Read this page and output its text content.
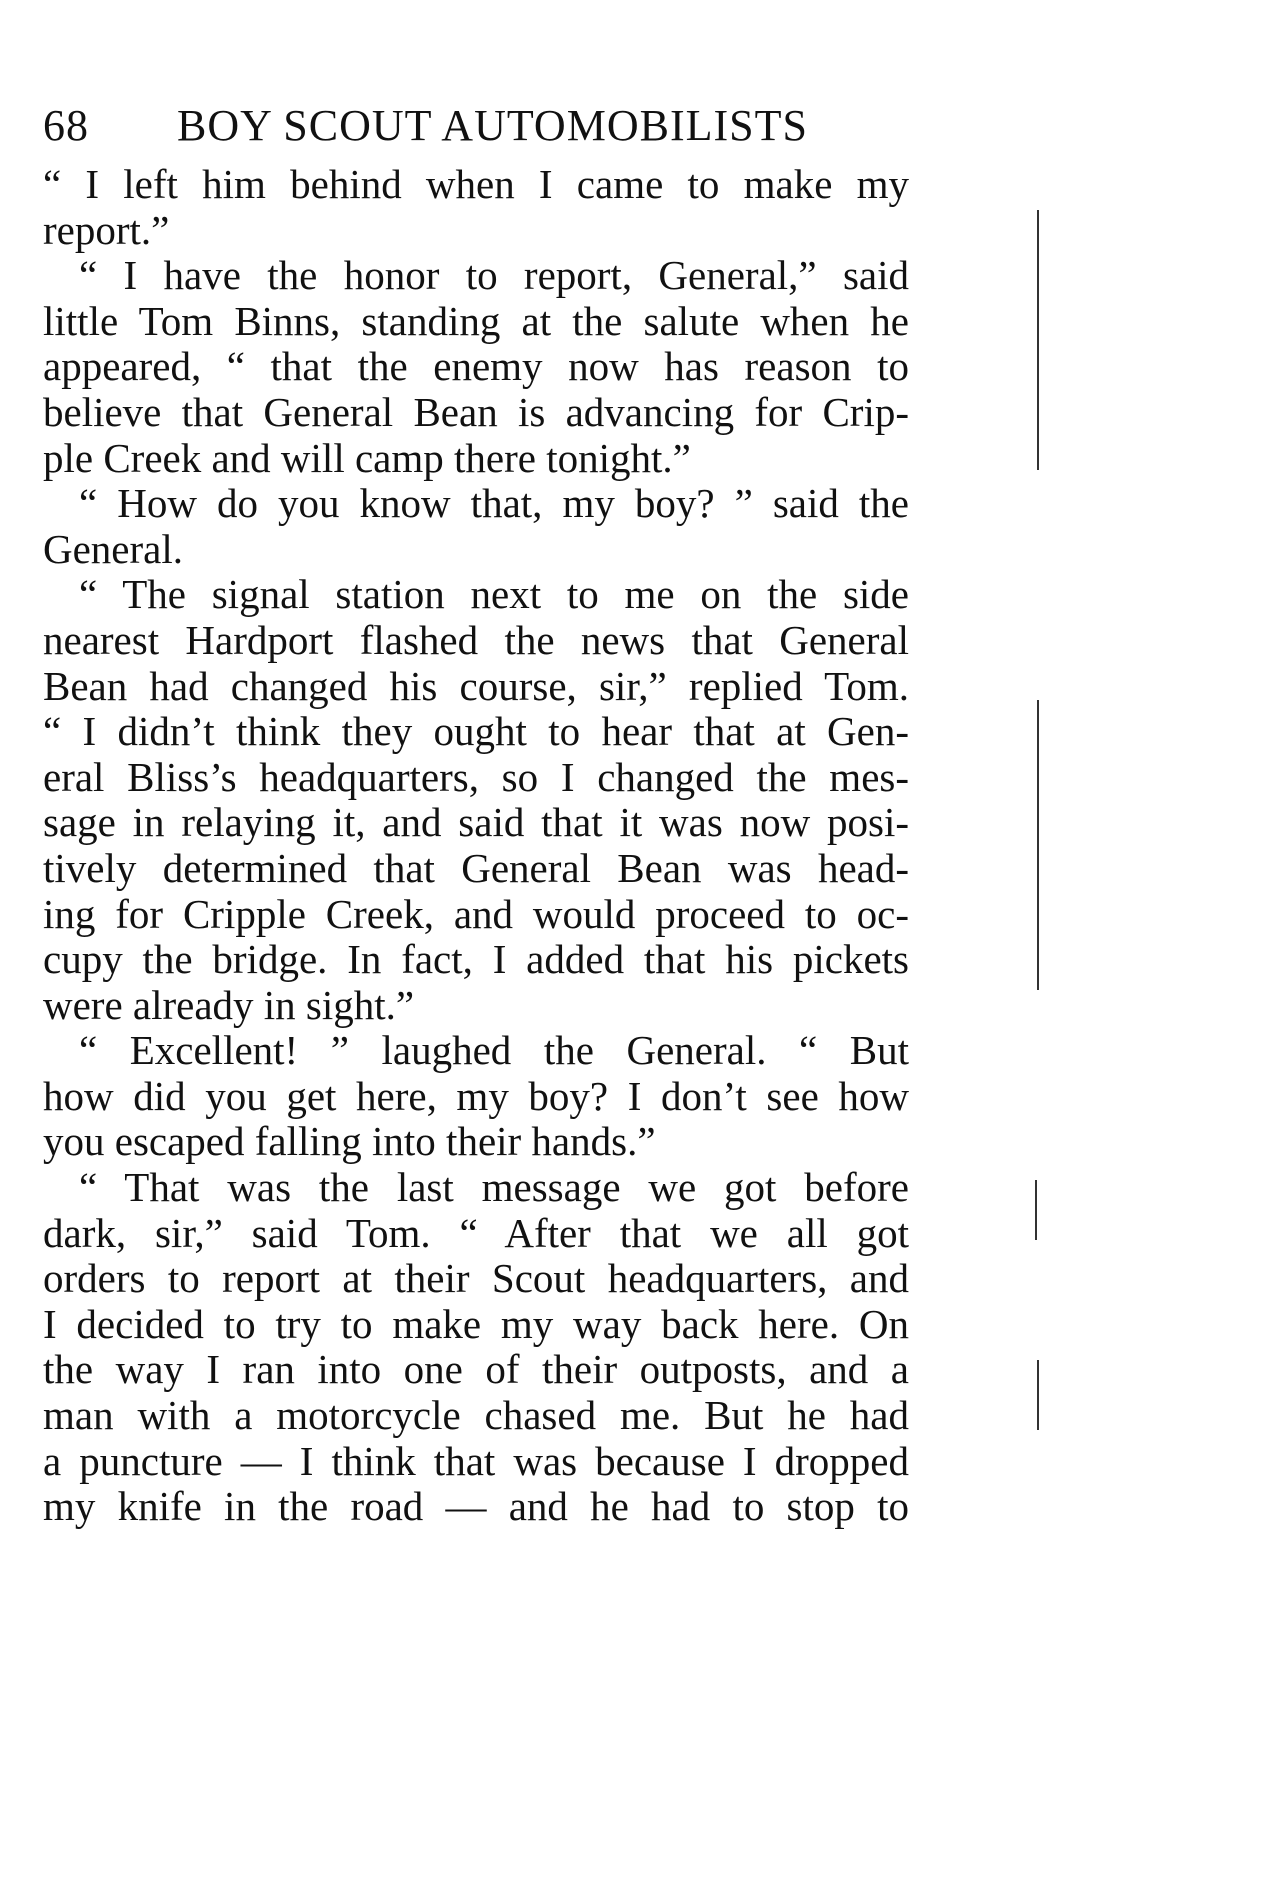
68 BOY SCOUT AUTOMOBILISTS
“ I left him behind when I came to make my
report.”
“ I have the honor to report, General,” said
little Tom Binns, standing at the salute when he
appeared, “ that the enemy now has reason to
believe that General Bean is advancing for Crip-
ple Creek and will camp there tonight.”
“ How do you know that, my boy? ” said the
General.
“ The signal station next to me on the side
nearest Hardport flashed the news that General
Bean had changed his course, sir,” replied Tom.
“ I didn’t think they ought to hear that at Gen-
eral Bliss’s headquarters, so I changed the mes-
sage in relaying it, and said that it was now posi-
tively determined that General Bean was head-
ing for Cripple Creek, and would proceed to oc-
cupy the bridge. In fact, I added that his pickets
were already in sight.”
“ Excellent! ” laughed the General. “ But
how did you get here, my boy? I don’t see how
you escaped falling into their hands.”
“ That was the last message we got before
dark, sir,” said Tom. “ After that we all got
orders to report at their Scout headquarters, and
I decided to try to make my way back here. On
the way I ran into one of their outposts, and a
man with a motorcycle chased me. But he had
a puncture — I think that was because I dropped
my knife in the road — and he had to stop to
